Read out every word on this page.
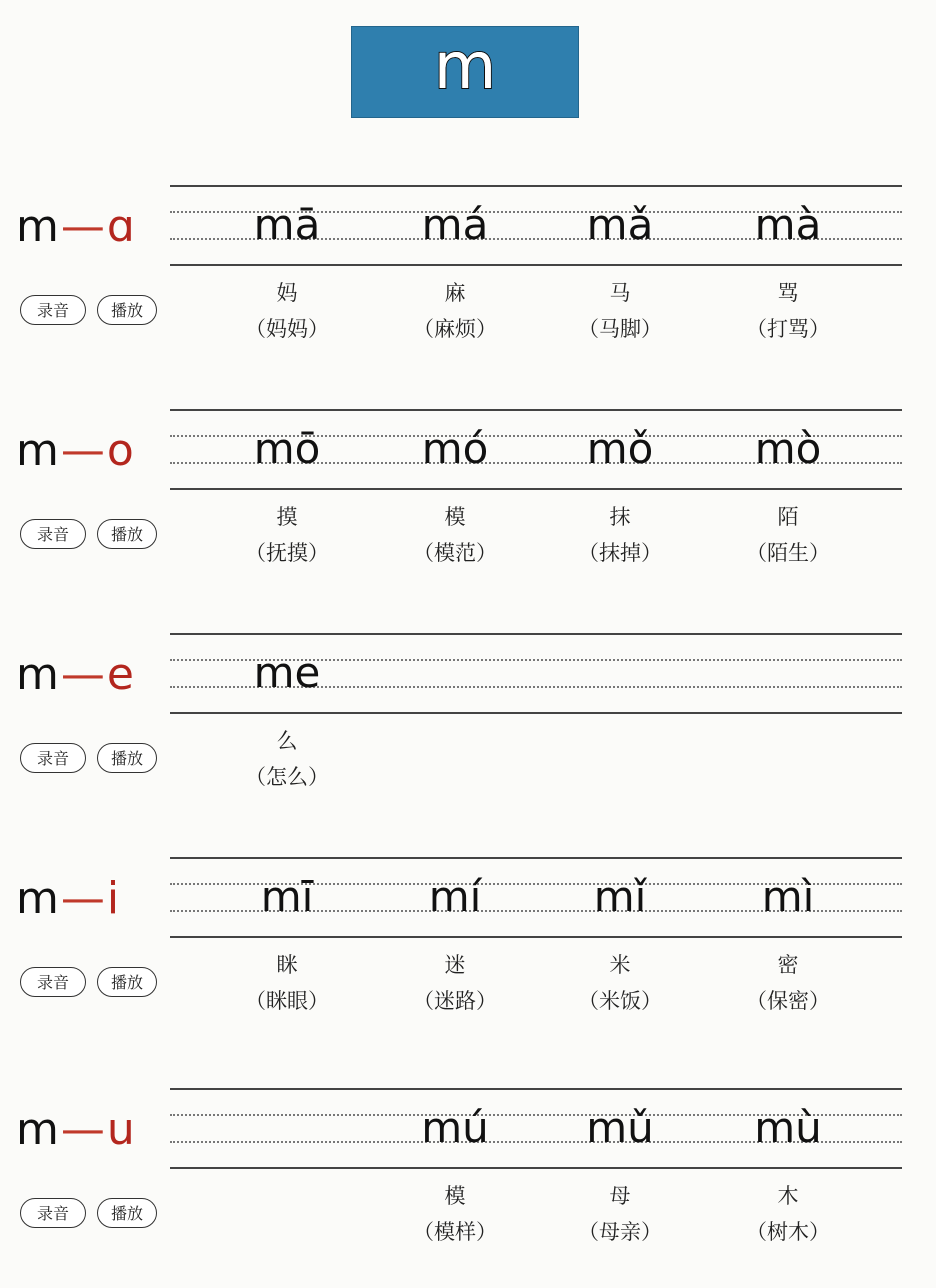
m
m—ɑ
录音	播放
mā	má	mǎ	mà
妈	麻	马	骂
（妈妈）	（麻烦）	（马脚）	（打骂）
m—o
录音	播放
mō	mó	mǒ	mò
摸	模	抹	陌
（抚摸）	（模范）	（抹掉）	（陌生）
m—e
录音	播放
me
么
（怎么）
m—i
录音	播放
mī	mí	mǐ	mì
眯	迷	米	密
（眯眼）	（迷路）	（米饭）	（保密）
m—u
录音	播放
mú	mǔ	mù
模	母	木
（模样）	（母亲）	（树木）
